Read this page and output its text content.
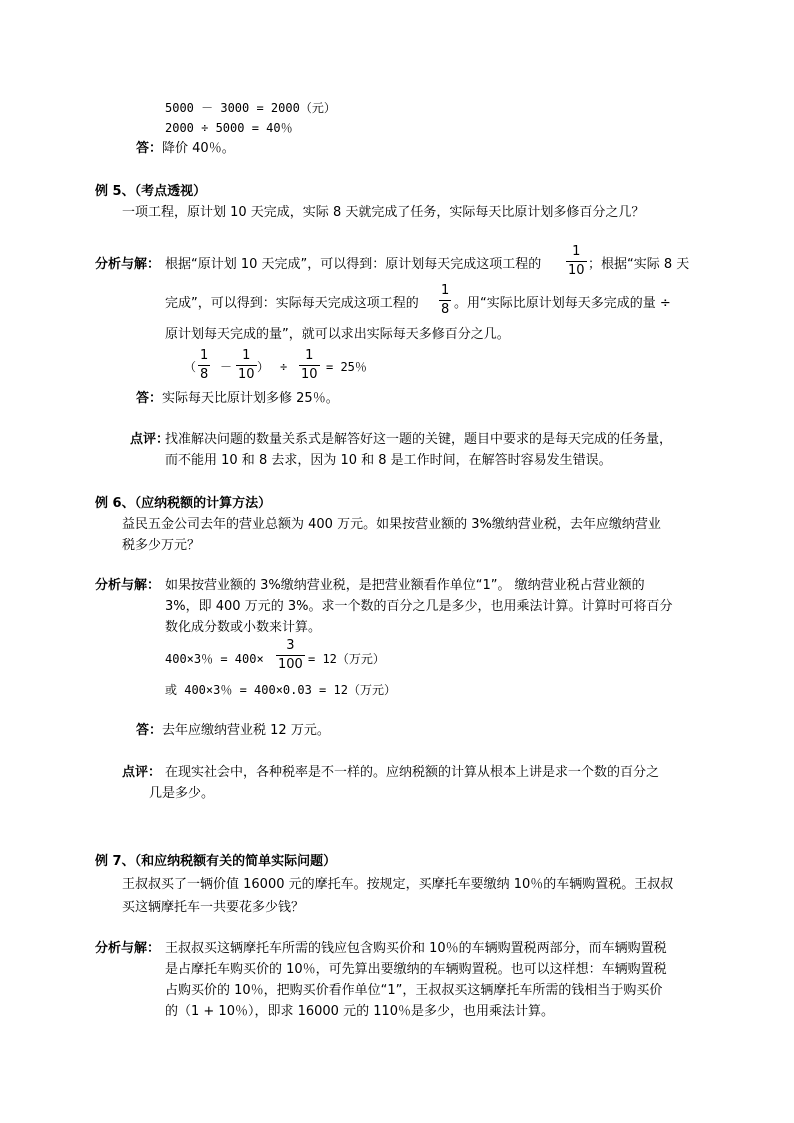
5000 － 3000 = 2000（元）
2000 ÷ 5000 = 40％
答：降价 40％。
例 5、（考点透视）
一项工程，原计划 10 天完成，实际 8 天就完成了任务，实际每天比原计划多修百分之几？
分析与解： 根据“原计划 10 天完成”，可以得到：原计划每天完成这项工程的
1
10 ；根据“实际 8 天
完成”，可以得到：实际每天完成这项工程的
1
8 。用“实际比原计划每天多完成的量 ÷
原计划每天完成的量”，就可以求出实际每天多修百分之几。
（
1
8 －
1
10 ） ÷
1
10 = 25％
答：实际每天比原计划多修 25％。
点评：
找准解决问题的数量关系式是解答好这一题的关键，题目中要求的是每天完成的任务量，
而不能用 10 和 8 去求，因为 10 和 8 是工作时间，在解答时容易发生错误。
例 6、（应纳税额的计算方法）
益民五金公司去年的营业总额为 400 万元。如果按营业额的 3%缴纳营业税，去年应缴纳营业
税多少万元？
分析与解： 如果按营业额的 3%缴纳营业税，是把营业额看作单位“1”。 缴纳营业税占营业额的
3%，即 400 万元的 3%。求一个数的百分之几是多少，也用乘法计算。计算时可将百分
数化成分数或小数来计算。
400×3％ = 400×
3
100 = 12（万元）
或 400×3％ = 400×0.03 = 12（万元）
答：去年应缴纳营业税 12 万元。
点评： 在现实社会中，各种税率是不一样的。应纳税额的计算从根本上讲是求一个数的百分之
几是多少。
例 7、（和应纳税额有关的简单实际问题）
王叔叔买了一辆价值 16000 元的摩托车。按规定，买摩托车要缴纳 10％的车辆购置税。王叔叔
买这辆摩托车一共要花多少钱？
分析与解： 王叔叔买这辆摩托车所需的钱应包含购买价和 10％的车辆购置税两部分，而车辆购置税
是占摩托车购买价的 10％，可先算出要缴纳的车辆购置税。也可以这样想：车辆购置税
占购买价的 10％，把购买价看作单位“1”，王叔叔买这辆摩托车所需的钱相当于购买价
的（1 + 10％），即求 16000 元的 110％是多少，也用乘法计算。
